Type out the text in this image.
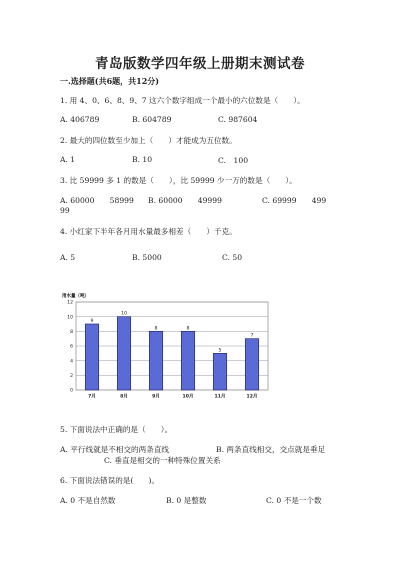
青岛版数学四年级上册期末测试卷
一.选择题(共6题，共12分)
1. 用 4、0、6、8、9、7 这六个数字组成一个最小的六位数是（　　）。
A. 406789	B. 604789	C. 987604
2. 最大的四位数至少加上（　　）才能成为五位数。
A. 1	B. 10	C.　100
3. 比 59999 多 1 的数是（　　），比 59999 少一万的数是（　　）。
A. 60000　　58999 B. 60000　　49999	C. 69999　　499
99
4. 小红家下半年各月用水量最多相差（　　）千克。
A. 5	B. 5000	C. 50
用水量（吨）
0
2
4
6
8
10
12
9
7月
10
8月
8
9月
8
10月
5
11月
7
12月
5. 下面说法中正确的是（　　）。
A. 平行线就是不相交的两条直线	B. 两条直线相交，交点就是垂足
C. 垂直是相交的一种特殊位置关系
6. 下面说法错误的是(　　)。
A. 0 不是自然数	B. 0 是整数	C. 0 不是一个数
